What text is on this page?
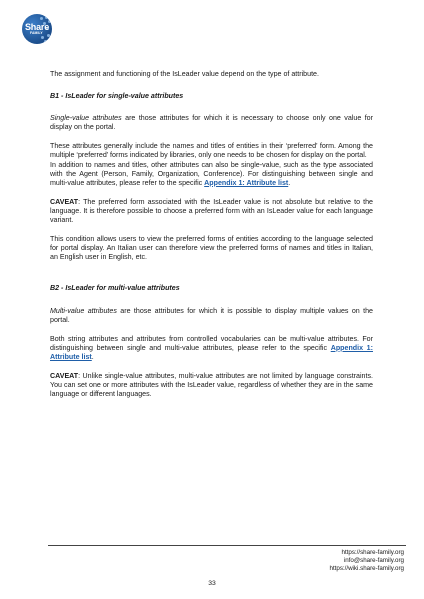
Share
FAMILY

The assignment and functioning of the IsLeader value depend on the type of attribute.

B1 - IsLeader for single-value attributes

Single-value attributes are those attributes for which it is necessary to choose only one value for display on the portal.

These attributes generally include the names and titles of entities in their ‘preferred’ form. Among the multiple ‘preferred’ forms indicated by libraries, only one needs to be chosen for display on the portal.

In addition to names and titles, other attributes can also be single-value, such as the type associated with the Agent (Person, Family, Organization, Conference). For distinguishing between single and multi-value attributes, please refer to the specific Appendix 1: Attribute list.

CAVEAT: The preferred form associated with the IsLeader value is not absolute but relative to the language. It is therefore possible to choose a preferred form with an IsLeader value for each language variant.

This condition allows users to view the preferred forms of entities according to the language selected for portal display. An Italian user can therefore view the preferred forms of names and titles in Italian, an English user in English, etc.

B2 - IsLeader for multi-value attributes

Multi-value attributes are those attributes for which it is possible to display multiple values on the portal.

Both string attributes and attributes from controlled vocabularies can be multi-value attributes. For distinguishing between single and multi-value attributes, please refer to the specific Appendix 1: Attribute list.

CAVEAT: Unlike single-value attributes, multi-value attributes are not limited by language constraints. You can set one or more attributes with the IsLeader value, regardless of whether they are in the same language or different languages.

https://share-family.org
info@share-family.org
https://wiki.share-family.org
33
